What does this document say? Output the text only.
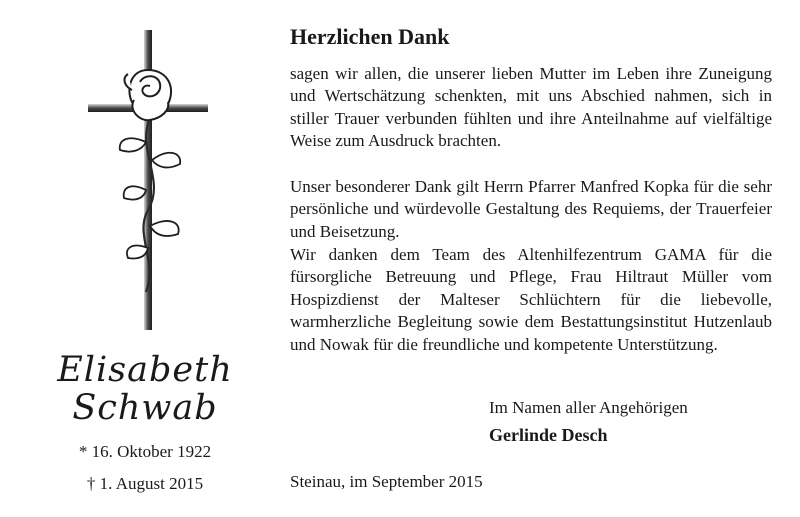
Elisabeth
Schwab
* 16. Oktober 1922
† 1. August 2015
Herzlichen Dank

sagen wir allen, die unserer lieben Mutter im Leben ihre Zuneigung und Wertschätzung schenkten, mit uns Abschied nahmen, sich in stiller Trauer verbunden fühlten und ihre Anteilnahme auf vielfältige Weise zum Ausdruck brachten.

Unser besonderer Dank gilt Herrn Pfarrer Manfred Kopka für die sehr persönliche und würdevolle Gestaltung des Requiems, der Trauerfeier und Beisetzung.

Wir danken dem Team des Altenhilfezentrum GAMA für die fürsorgliche Betreuung und Pflege, Frau Hiltraut Müller vom Hospizdienst der Malteser Schlüchtern für die liebevolle, warmherzliche Begleitung sowie dem Bestattungsinstitut Hutzenlaub und Nowak für die freundliche und kompetente Unterstützung.

Im Namen aller Angehörigen
Gerlinde Desch
Steinau, im September 2015
